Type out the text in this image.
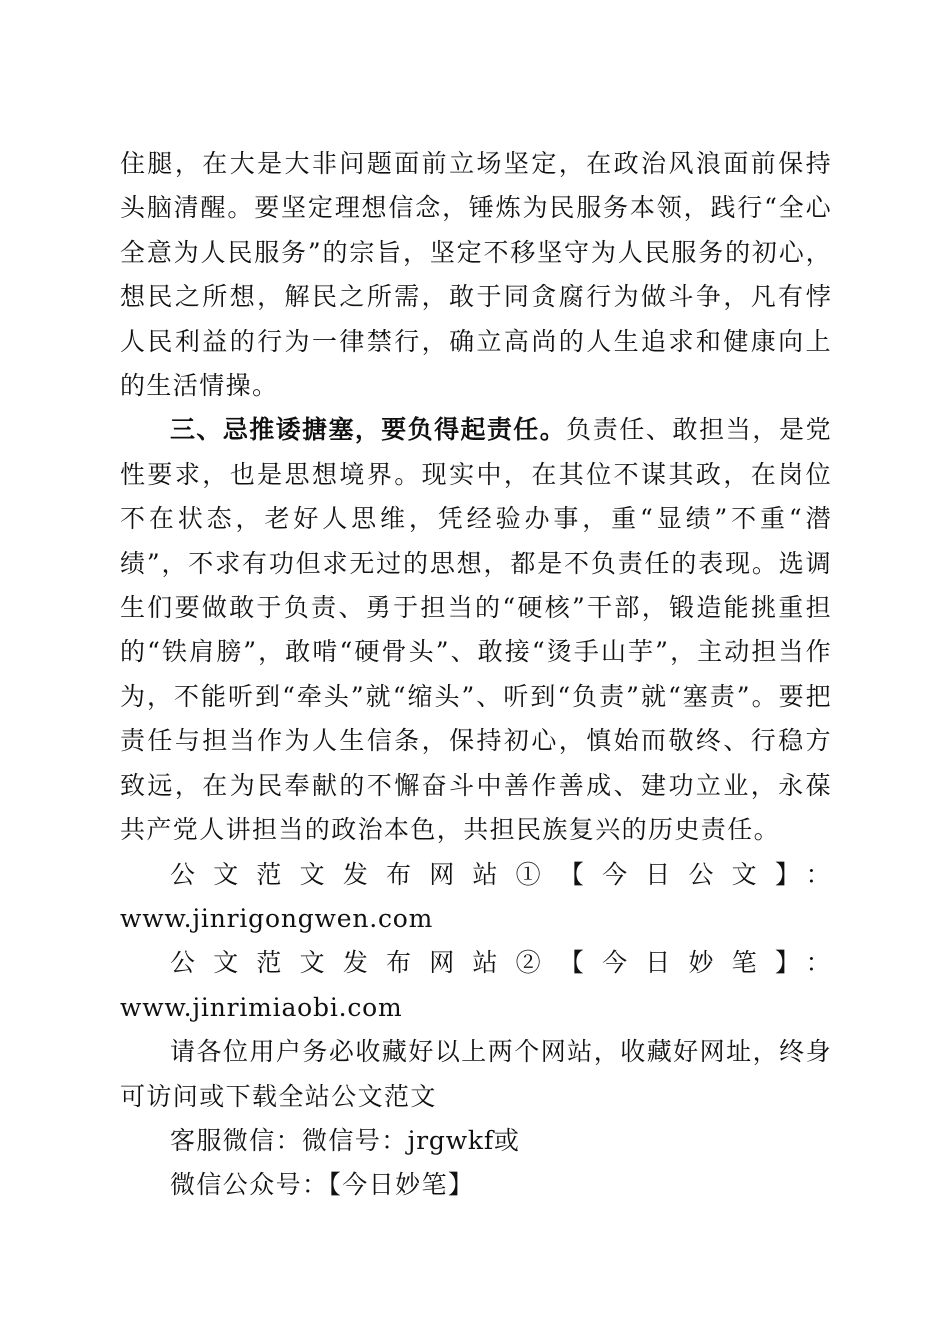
住腿，在大是大非问题面前立场坚定，在政治风浪面前保持头脑清醒。要坚定理想信念，锤炼为民服务本领，践行“全心全意为人民服务”的宗旨，坚定不移坚守为人民服务的初心，想民之所想，解民之所需，敢于同贪腐行为做斗争，凡有悖人民利益的行为一律禁行，确立高尚的人生追求和健康向上的生活情操。

三、忌推诿搪塞，要负得起责任。负责任、敢担当，是党性要求，也是思想境界。现实中，在其位不谋其政，在岗位不在状态，老好人思维，凭经验办事，重“显绩”不重“潜绩”，不求有功但求无过的思想，都是不负责任的表现。选调生们要做敢于负责、勇于担当的“硬核”干部，锻造能挑重担的“铁肩膀”，敢啃“硬骨头”、敢接“烫手山芋”，主动担当作为，不能听到“牵头”就“缩头”、听到“负责”就“塞责”。要把责任与担当作为人生信条，保持初心，慎始而敬终、行稳方致远，在为民奉献的不懈奋斗中善作善成、建功立业，永葆共产党人讲担当的政治本色，共担民族复兴的历史责任。

公文范文发布网站①【今日公文】：
www.jinrigongwen.com

公文范文发布网站②【今日妙笔】：www.jinrimiaobi.com

请各位用户务必收藏好以上两个网站，收藏好网址，终身可访问或下载全站公文范文

客服微信：微信号：jrgwkf或

微信公众号：【今日妙笔】
